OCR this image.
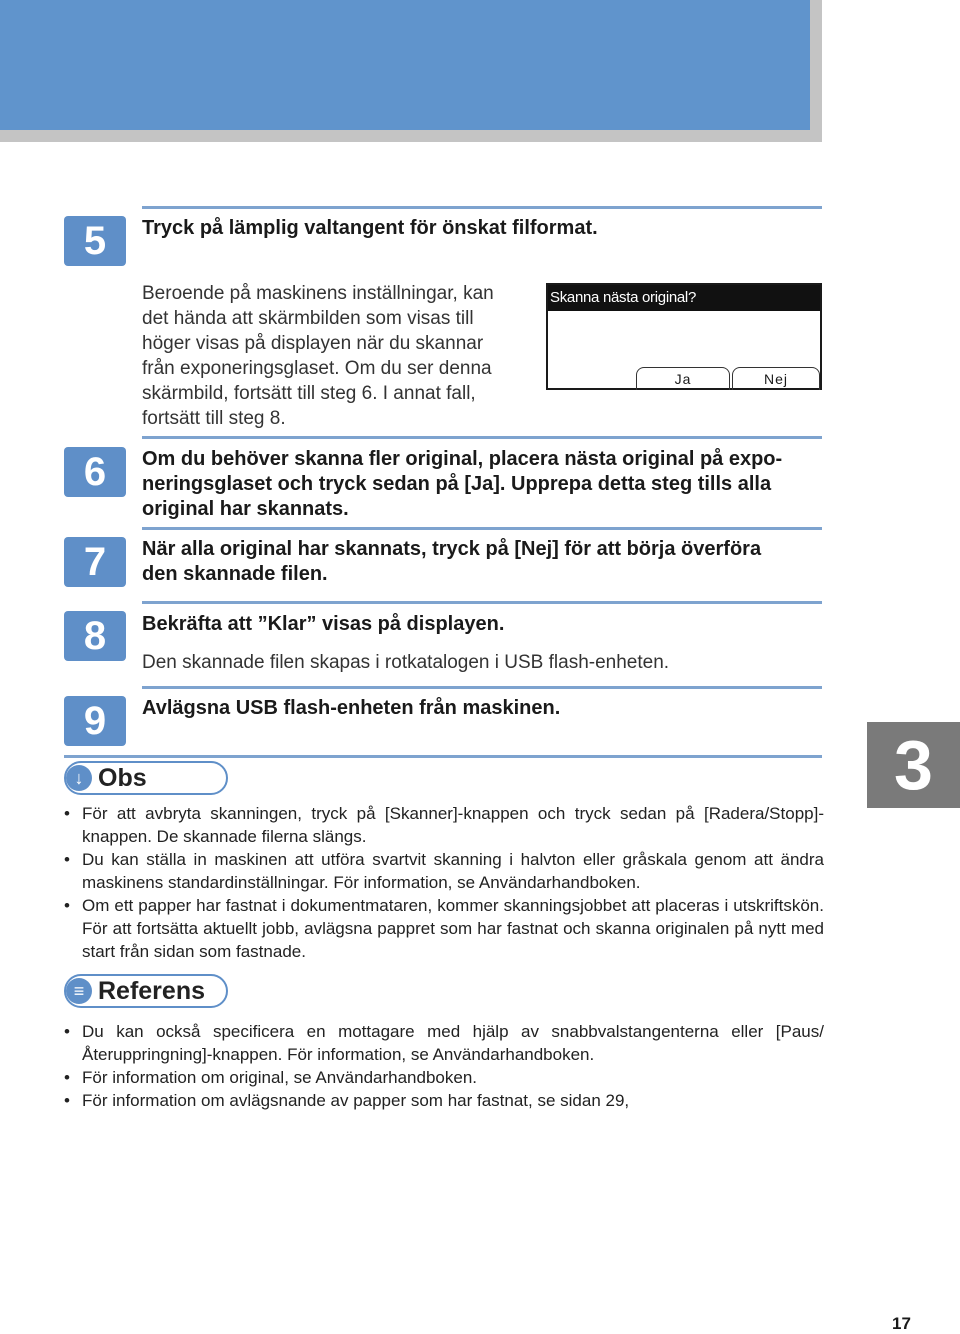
5	Tryck på lämplig valtangent för önskat filformat.
Beroende på maskinens inställningar, kan
det hända att skärmbilden som visas till
höger visas på displayen när du skannar
från exponeringsglaset. Om du ser denna
skärmbild, fortsätt till steg 6. I annat fall,
fortsätt till steg 8.
Skanna nästa original?
Ja	Nej
6	Om du behöver skanna fler original, placera nästa original på expo-
neringsglaset och tryck sedan på [Ja]. Upprepa detta steg tills alla
original har skannats.
7	När alla original har skannats, tryck på [Nej] för att börja överföra
den skannade filen.
8	Bekräfta att ”Klar” visas på displayen.
Den skannade filen skapas i rotkatalogen i USB flash-enheten.
9	Avlägsna USB flash-enheten från maskinen.
↓ Obs
• För att avbryta skanningen, tryck på [Skanner]-knappen och tryck sedan på [Radera/Stopp]-knappen. De skannade filerna slängs.
• Du kan ställa in maskinen att utföra svartvit skanning i halvton eller gråskala genom att ändra maskinens standardinställningar. För information, se Användarhandboken.
• Om ett papper har fastnat i dokumentmataren, kommer skanningsjobbet att placeras i utskriftskön. För att fortsätta aktuellt jobb, avlägsna pappret som har fastnat och skanna originalen på nytt med start från sidan som fastnade.
≡ Referens
• Du kan också specificera en mottagare med hjälp av snabbvalstangenterna eller [Paus/Återuppringning]-knappen. För information, se Användarhandboken.
• För information om original, se Användarhandboken.
• För information om avlägsnande av papper som har fastnat, se sidan 29,
3
17
